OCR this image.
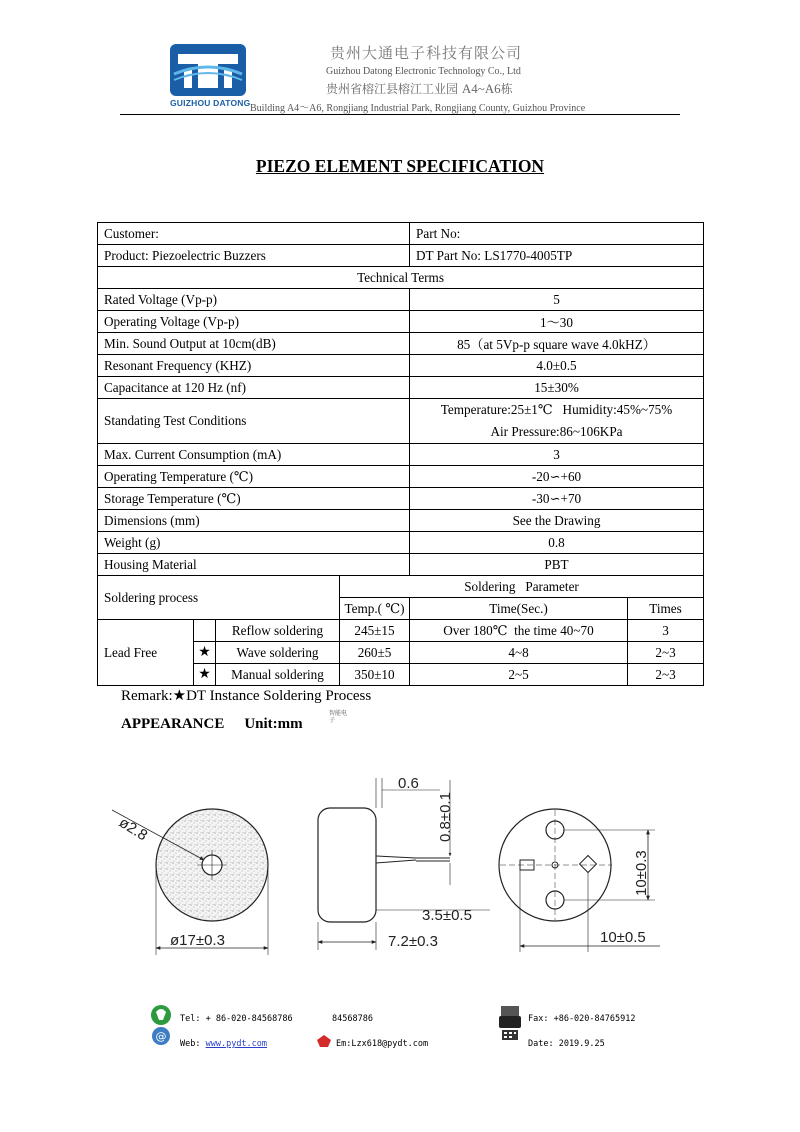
®
GUIZHOU DATONG
贵州大通电子科技有限公司
Guizhou Datong Electronic Technology Co., Ltd
贵州省榕江县榕江工业园 A4~A6栋
Building A4～A6, Rongjiang Industrial Park, Rongjiang County, Guizhou Province
PIEZO ELEMENT SPECIFICATION
Customer:				Part No:	
Product: Piezoelectric Buzzers				DT Part No: LS1770-4005TP	
Technical Terms					
Rated Voltage (Vp-p)				5	
Operating Voltage (Vp-p)				1～30	
Min. Sound Output at 10cm(dB)				85（at 5Vp-p square wave 4.0kHZ）	
Resonant Frequency (KHZ)				4.0±0.5	
Capacitance at 120 Hz (nf)				15±30%	
Standating Test Conditions				Temperature:25±1℃   Humidity:45%~75%
Air Pressure:86~106KPa	

Max. Current Consumption (mA)				3	
Operating Temperature (℃)				-20∽+60	
Storage Temperature (℃)				-30∽+70	
Dimensions (mm)				See the Drawing	
Weight (g)				0.8	
Housing Material				PBT	
Soldering process			Soldering   Parameter		
			Temp.( ℃)	Time(Sec.)	Times
Lead Free		Reflow soldering	245±15	Over 180℃  the time 40~70	3
	★	Wave soldering	260±5	4~8	2~3
	★	Manual soldering	350±10	2~5	2~3
Remark:★DT Instance Soldering Process
APPEARANCE Unit:mm
智能电
子
ø2.8
ø17±0.3
0.6
0.8±0.1
3.5±0.5
7.2±0.3
10±0.3
10±0.5
@
Tel: + 86-020-84568786	84568786
Web: www.pydt.com	Em:Lzx618@pydt.com
Fax: +86-020-84765912
Date: 2019.9.25
